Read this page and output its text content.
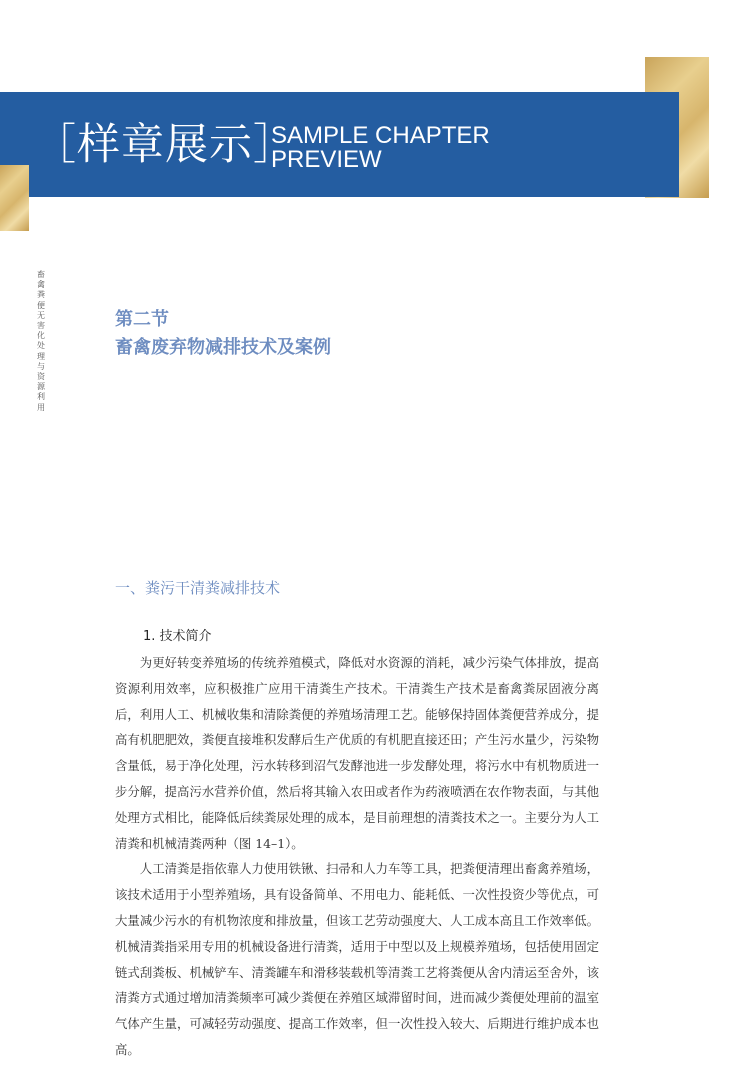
［样章展示］
SAMPLE CHAPTER
PREVIEW
畜禽粪便无害化处理与资源利用
第二节
畜禽废弃物减排技术及案例
一、粪污干清粪减排技术
1. 技术简介

为更好转变养殖场的传统养殖模式，降低对水资源的消耗，减少污染气体排放，提高资源利用效率，应积极推广应用干清粪生产技术。干清粪生产技术是畜禽粪尿固液分离后，利用人工、机械收集和清除粪便的养殖场清理工艺。能够保持固体粪便营养成分，提高有机肥肥效，粪便直接堆积发酵后生产优质的有机肥直接还田；产生污水量少，污染物含量低，易于净化处理，污水转移到沼气发酵池进一步发酵处理，将污水中有机物质进一步分解，提高污水营养价值，然后将其输入农田或者作为药液喷洒在农作物表面，与其他处理方式相比，能降低后续粪尿处理的成本，是目前理想的清粪技术之一。主要分为人工清粪和机械清粪两种（图 14–1）。

人工清粪是指依靠人力使用铁锹、扫帚和人力车等工具，把粪便清理出畜禽养殖场，该技术适用于小型养殖场，具有设备简单、不用电力、能耗低、一次性投资少等优点，可大量减少污水的有机物浓度和排放量，但该工艺劳动强度大、人工成本高且工作效率低。机械清粪指采用专用的机械设备进行清粪，适用于中型以及上规模养殖场，包括使用固定链式刮粪板、机械铲车、清粪罐车和滑移装载机等清粪工艺将粪便从舍内清运至舍外，该清粪方式通过增加清粪频率可减少粪便在养殖区域滞留时间，进而减少粪便处理前的温室气体产生量，可减轻劳动强度、提高工作效率，但一次性投入较大、后期进行维护成本也高。
